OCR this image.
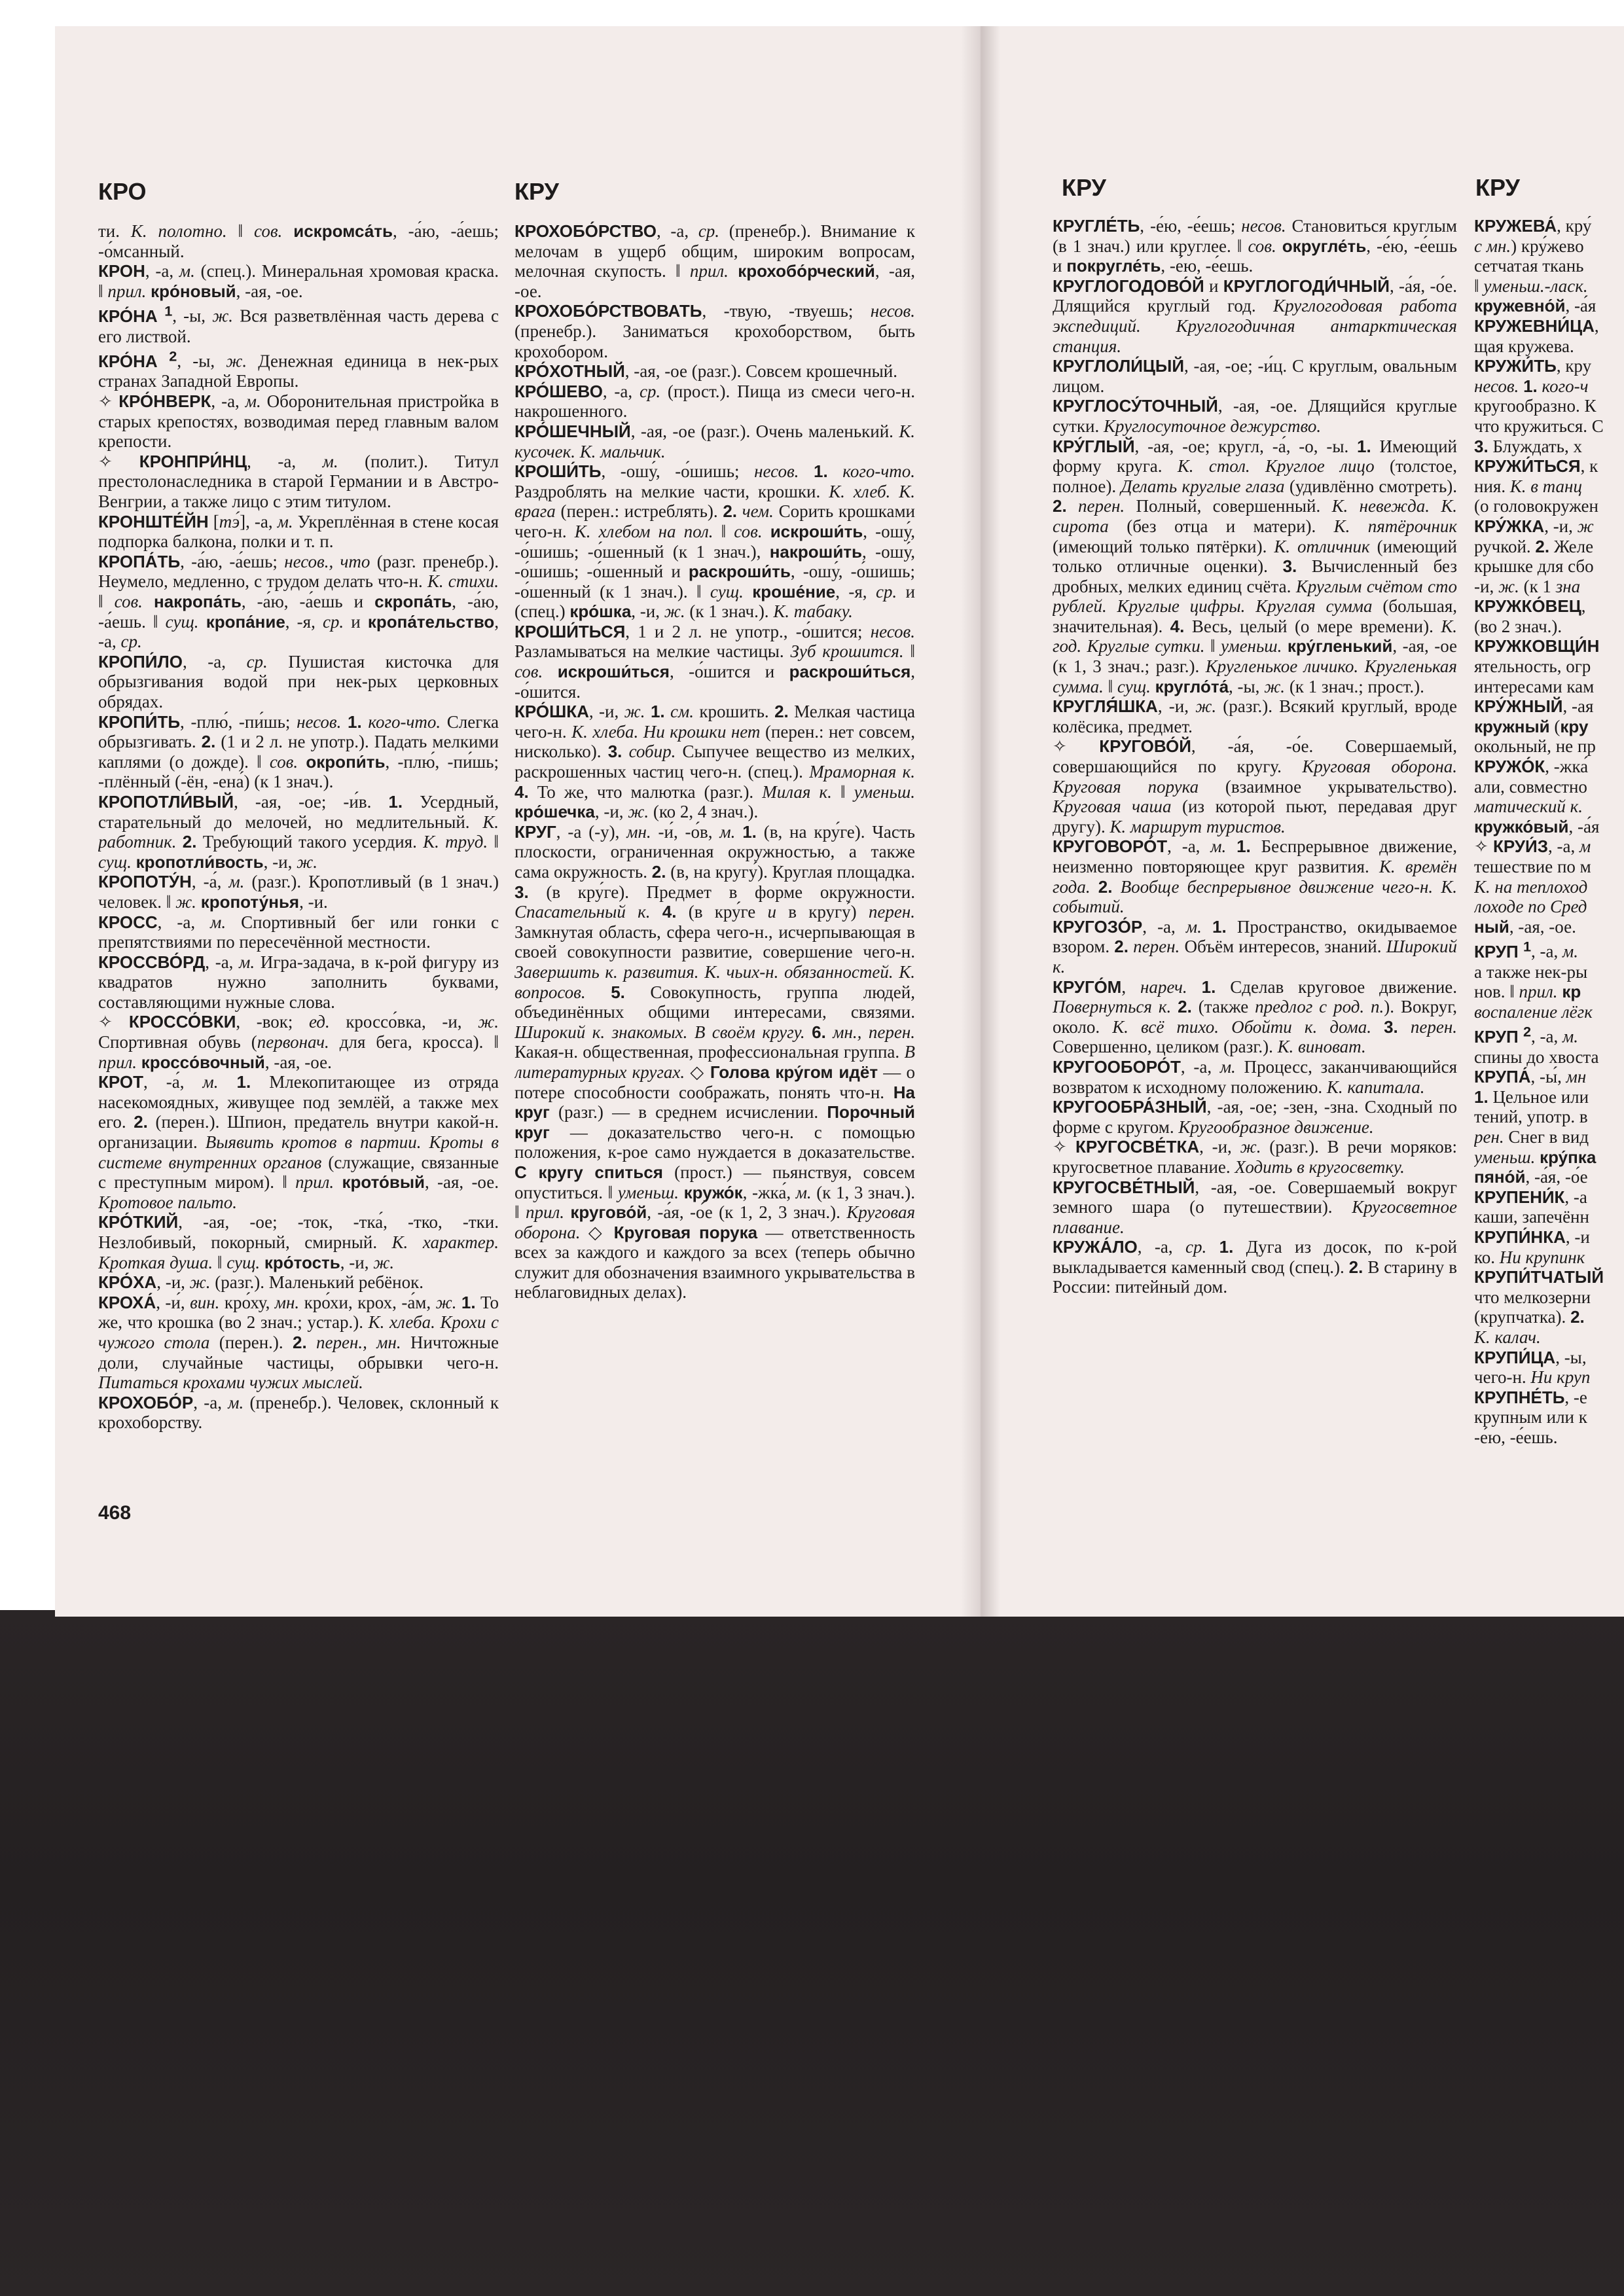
КРО	КРУ	КРУ	КРУ

ти. К. полотно. ‖ сов. искромса́ть, -а́ю, -а́ешь; -о́мсанный.

КРОН, -а, м. (спец.). Минеральная хромовая краска. ‖ прил. кро́новый, -ая, -ое.

КРО́НА $^1$, -ы, ж. Вся разветвлённая часть дерева с его листвой.

КРО́НА $^2$, -ы, ж. Денежная единица в нек-рых странах Западной Европы.

✧ КРО́НВЕРК, -а, м. Оборонительная пристройка в старых крепостях, возводимая перед главным валом крепости.

✧ КРОНПРИ́НЦ, -а, м. (полит.). Титул престолонаследника в старой Германии и в Австро-Венгрии, а также лицо с этим титулом.

КРОНШТЕ́ЙН [тэ́], -а, м. Укреплённая в стене косая подпорка балкона, полки и т. п.

КРОПА́ТЬ, -а́ю, -а́ешь; несов., что (разг. пренебр.). Неумело, медленно, с трудом делать что-н. К. стихи. ‖ сов. накропа́ть, -а́ю, -а́ешь и скропа́ть, -а́ю, -а́ешь. ‖ сущ. кропа́ние, -я, ср. и кропа́тельство, -а, ср.

КРОПИ́ЛО, -а, ср. Пушистая кисточка для обрызгивания водой при нек-рых церковных обрядах.

КРОПИ́ТЬ, -плю́, -пи́шь; несов. 1. кого-что. Слегка обрызгивать. 2. (1 и 2 л. не употр.). Падать мелкими каплями (о дожде). ‖ сов. окропи́ть, -плю́, -пи́шь; -плённый (-ён, -ена́) (к 1 знач.).

КРОПОТЛИ́ВЫЙ, -ая, -ое; -и́в. 1. Усердный, старательный до мелочей, но медлительный. К. работник. 2. Требующий такого усердия. К. труд. ‖ сущ. кропотли́вость, -и, ж.

КРОПОТУ́Н, -а́, м. (разг.). Кропотливый (в 1 знач.) человек. ‖ ж. кропоту́нья, -и.

КРОСС, -а, м. Спортивный бег или гонки с препятствиями по пересечённой местности.

КРОССВО́РД, -а, м. Игра-задача, в к-рой фигуру из квадратов нужно заполнить буквами, составляющими нужные слова.

✧ КРОССО́ВКИ, -вок; ед. кроссо́вка, -и, ж. Спортивная обувь (первонач. для бега, кросса). ‖ прил. кроссо́вочный, -ая, -ое.

КРОТ, -а́, м. 1. Млекопитающее из отряда насекомоядных, живущее под землёй, а также мех его. 2. (перен.). Шпион, предатель внутри какой-н. организации. Выявить кротов в партии. Кроты в системе внутренних органов (служащие, связанные с преступным миром). ‖ прил. крото́вый, -ая, -ое. Кротовое пальто.

КРО́ТКИЙ, -ая, -ое; -ток, -тка́, -тко, -тки. Незлобивый, покорный, смирный. К. характер. Кроткая душа. ‖ сущ. кро́тость, -и, ж.

КРО́ХА, -и, ж. (разг.). Маленький ребёнок.

КРОХА́, -и́, вин. кро́ху, мн. кро́хи, крох, -а́м, ж. 1. То же, что крошка (во 2 знач.; устар.). К. хлеба. Крохи с чужого стола (перен.). 2. перен., мн. Ничтожные доли, случайные частицы, обрывки чего-н. Питаться крохами чужих мыслей.

КРОХОБО́Р, -а, м. (пренебр.). Человек, склонный к крохоборству.

КРОХОБО́РСТВО, -а, ср. (пренебр.). Внимание к мелочам в ущерб общим, широким вопросам, мелочная скупость. ‖ прил. крохобо́рческий, -ая, -ое.

КРОХОБО́РСТВОВАТЬ, -твую, -твуешь; несов. (пренебр.). Заниматься крохоборством, быть крохобором.

КРО́ХОТНЫЙ, -ая, -ое (разг.). Совсем крошечный.

КРО́ШЕВО, -а, ср. (прост.). Пища из смеси чего-н. накрошенного.

КРО́ШЕЧНЫЙ, -ая, -ое (разг.). Очень маленький. К. кусочек. К. мальчик.

КРОШИ́ТЬ, -ошу́, -о́шишь; несов. 1. кого-что. Раздроблять на мелкие части, крошки. К. хлеб. К. врага (перен.: истреблять). 2. чем. Сорить крошками чего-н. К. хлебом на пол. ‖ сов. искроши́ть, -ошу́, -о́шишь; -о́шенный (к 1 знач.), накроши́ть, -ошу́, -о́шишь; -о́шенный и раскроши́ть, -ошу́, -о́шишь; -о́шенный (к 1 знач.). ‖ сущ. кроше́ние, -я, ср. и (спец.) кро́шка, -и, ж. (к 1 знач.). К. табаку.

КРОШИ́ТЬСЯ, 1 и 2 л. не употр., -о́шится; несов. Разламываться на мелкие частицы. Зуб крошится. ‖ сов. искроши́ться, -о́шится и раскроши́ться, -о́шится.

КРО́ШКА, -и, ж. 1. см. крошить. 2. Мелкая частица чего-н. К. хлеба. Ни крошки нет (перен.: нет совсем, нисколько). 3. собир. Сыпучее вещество из мелких, раскрошенных частиц чего-н. (спец.). Мраморная к. 4. То же, что малютка (разг.). Милая к. ‖ уменьш. кро́шечка, -и, ж. (ко 2, 4 знач.).

КРУГ, -а (-у), мн. -и́, -о́в, м. 1. (в, на кру́ге). Часть плоскости, ограниченная окружностью, а также сама окружность. 2. (в, на кругу́). Круглая площадка. 3. (в кру́ге). Предмет в форме окружности. Спасательный к. 4. (в кру́ге и в кругу́) перен. Замкнутая область, сфера чего-н., исчерпывающая в своей совокупности развитие, совершение чего-н. Завершить к. развития. К. чьих-н. обязанностей. К. вопросов. 5. Совокупность, группа людей, объединённых общими интересами, связями. Широкий к. знакомых. В своём кругу. 6. мн., перен. Какая-н. общественная, профессиональная группа. В литературных кругах. ◇ Голова кру́гом идёт — о потере способности соображать, понять что-н. На круг (разг.) — в среднем исчислении. Порочный круг — доказательство чего-н. с помощью положения, к-рое само нуждается в доказательстве. С кругу спиться (прост.) — пьянствуя, совсем опуститься. ‖ уменьш. кружо́к, -жка́, м. (к 1, 3 знач.). ‖ прил. кругово́й, -а́я, -о́е (к 1, 2, 3 знач.). Круговая оборона. ◇ Круговая порука — ответственность всех за каждого и каждого за всех (теперь обычно служит для обозначения взаимного укрывательства в неблаговидных делах).

КРУГЛЕ́ТЬ, -е́ю, -е́ешь; несов. Становиться круглым (в 1 знач.) или круглее. ‖ сов. округле́ть, -е́ю, -е́ешь и покругле́ть, -е́ю, -е́ешь.

КРУГЛОГОДОВО́Й и КРУГЛОГОДИ́ЧНЫЙ, -а́я, -о́е. Длящийся круглый год. Круглогодовая работа экспедиций. Круглогодичная антарктическая станция.

КРУГЛОЛИ́ЦЫЙ, -ая, -ое; -и́ц. С круглым, овальным лицом.

КРУГЛОСУ́ТОЧНЫЙ, -ая, -ое. Длящийся круглые сутки. Круглосуточное дежурство.

КРУ́ГЛЫЙ, -ая, -ое; кругл, -а́, -о, -ы. 1. Имеющий форму круга. К. стол. Круглое лицо (толстое, полное). Делать круглые глаза (удивлённо смотреть). 2. перен. Полный, совершенный. К. невежда. К. сирота (без отца и матери). К. пятёрочник (имеющий только пятёрки). К. отличник (имеющий только отличные оценки). 3. Вычисленный без дробных, мелких единиц счёта. Круглым счётом сто рублей. Круглые цифры. Круглая сумма (большая, значительная). 4. Весь, целый (о мере времени). К. год. Круглые сутки. ‖ уменьш. кру́гленький, -ая, -ое (к 1, 3 знач.; разг.). Кругленькое личико. Кругленькая сумма. ‖ сущ. кругло́та́, -ы, ж. (к 1 знач.; прост.).

КРУГЛЯ́ШКА, -и, ж. (разг.). Всякий круглый, вроде колёсика, предмет.

✧ КРУГОВО́Й, -а́я, -о́е. Совершаемый, совершающийся по кругу. Круговая оборона. Круговая порука (взаимное укрывательство). Круговая чаша (из которой пьют, передавая друг другу). К. маршрут туристов.

КРУГОВОРО́Т, -а, м. 1. Беспрерывное движение, неизменно повторяющее круг развития. К. времён года. 2. Вообще беспрерывное движение чего-н. К. событий.

КРУГОЗО́Р, -а, м. 1. Пространство, окидываемое взором. 2. перен. Объём интересов, знаний. Широкий к.

КРУГО́М, нареч. 1. Сделав круговое движение. Повернуться к. 2. (также предлог с род. п.). Вокруг, около. К. всё тихо. Обойти к. дома. 3. перен. Совершенно, целиком (разг.). К. виноват.

КРУГООБОРО́Т, -а, м. Процесс, заканчивающийся возвратом к исходному положению. К. капитала.

КРУГООБРА́ЗНЫЙ, -ая, -ое; -зен, -зна. Сходный по форме с кругом. Кругообразное движение.

✧ КРУГОСВЕ́ТКА, -и, ж. (разг.). В речи моряков: кругосветное плавание. Ходить в кругосветку.

КРУГОСВЕ́ТНЫЙ, -ая, -ое. Совершаемый вокруг земного шара (о путешествии). Кругосветное плавание.

КРУЖА́ЛО, -а, ср. 1. Дуга из досок, по к-рой выкладывается каменный свод (спец.). 2. В старину в России: питейный дом.

КРУЖЕВА́, кру́

с мн.) кру́жево

сетчатая ткань

‖ уменьш.-ласк.

кружевно́й, -а́я

КРУЖЕВНИ́ЦА,

щая кружева.

КРУЖИ́ТЬ, кру

несов. 1. кого-ч

кругообразно. К

что кружиться. С

3. Блуждать, х

КРУЖИ́ТЬСЯ, к

ния. К. в танц

(о головокружен

КРУ́ЖКА, -и, ж

ручкой. 2. Желе

крышке для сбо

-и, ж. (к 1 зна

КРУЖКО́ВЕЦ,

(во 2 знач.).

КРУЖКОВЩИ́Н

ятельность, огр

интересами кам

КРУ́ЖНЫЙ, -ая

кружный (кру

окольный, не пр

КРУЖО́К, -жка́

али, совместно

матический к.

кружко́вый, -а́я

✧ КРУИ́З, -а, м

тешествие по м

К. на теплоход

лоходе по Сред

ный, -ая, -ое.

КРУП $^1$, -а, м.

а также нек-ры

нов. ‖ прил. кр

воспаление лёгк

КРУП $^2$, -а, м.

спины до хвоста

КРУПА́, -ы́, мн

1. Цельное или

тений, употр. в

рен. Снег в вид

уменьш. кру́пка

пяно́й, -а́я, -о́е

КРУПЕНИ́К, -а

каши, запечённ

КРУПИ́НКА, -и

ко. Ни крупинк

КРУПИ́ТЧАТЫЙ

что мелкозерни

(крупчатка). 2.

К. калач.

КРУПИ́ЦА, -ы,

чего-н. Ни круп

КРУПНЕ́ТЬ, -е

крупным или к

-е́ю, -е́ешь.

468
